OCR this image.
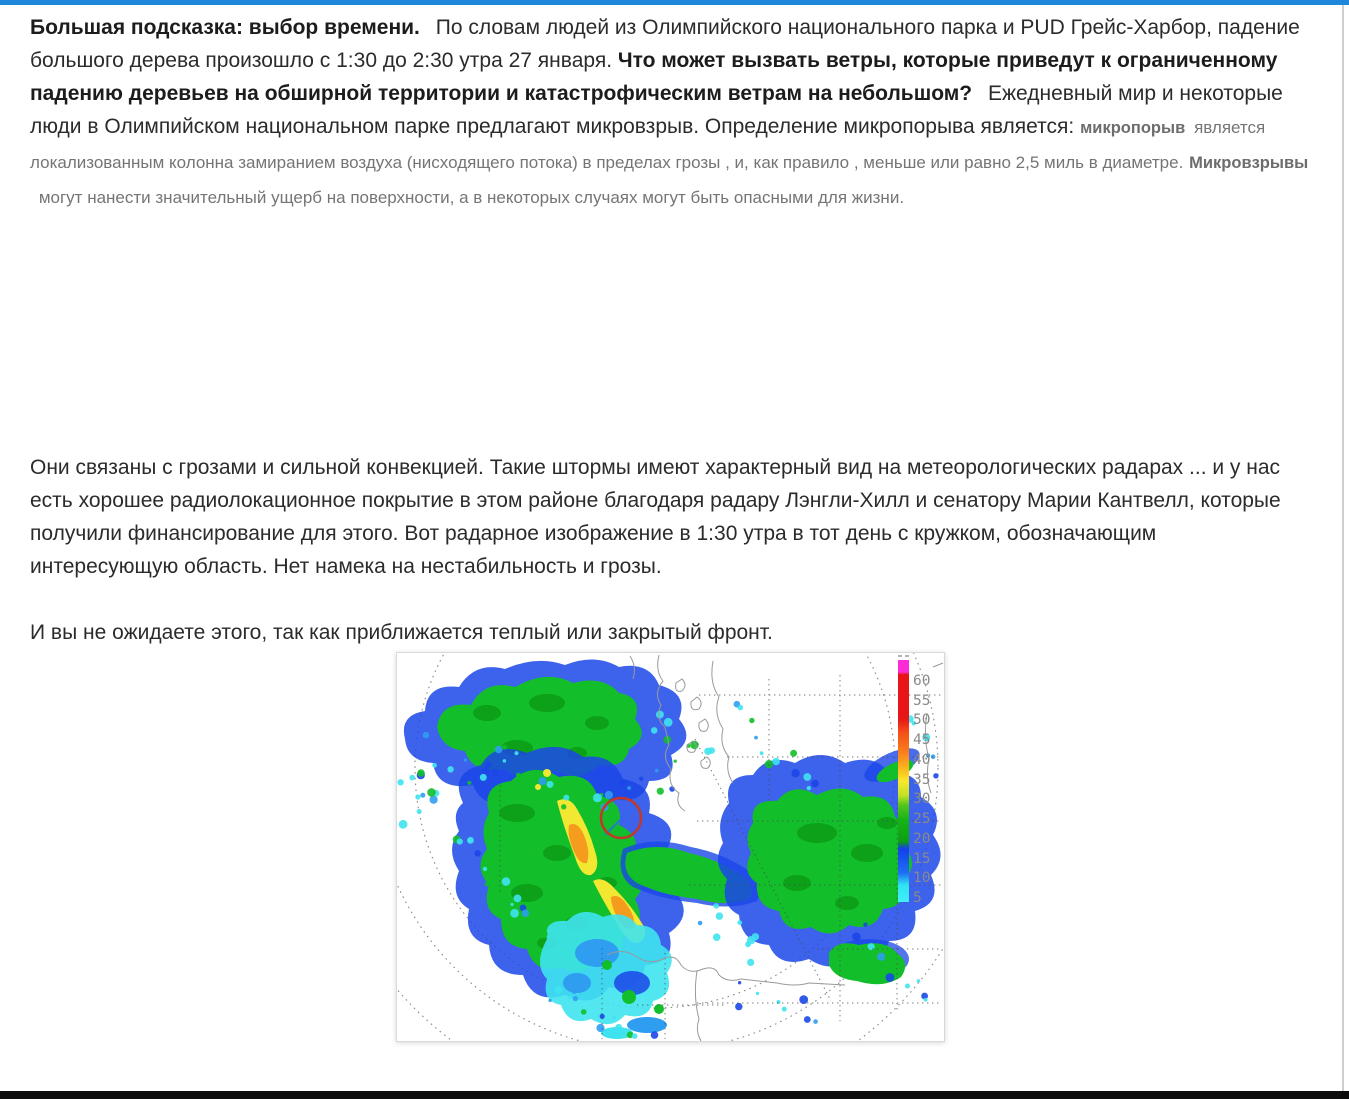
Большая подсказка: выбор времени. По словам людей из Олимпийского национального парка и PUD Грейс-Харбор, падение большого дерева произошло с 1:30 до 2:30 утра 27 января. Что может вызвать ветры, которые приведут к ограниченному падению деревьев на обширной территории и катастрофическим ветрам на небольшом? Ежедневный мир и некоторые люди в Олимпийском национальном парке предлагают микровзрыв. Определение микропорыва является: микропорыв является локализованным колонна замиранием воздуха (нисходящего потока) в пределах грозы , и, как правило , меньше или равно 2,5 миль в диаметре. Микровзрывы могут нанести значительный ущерб на поверхности, а в некоторых случаях могут быть опасными для жизни.

Они связаны с грозами и сильной конвекцией. Такие штормы имеют характерный вид на метеорологических радарах ... и у нас есть хорошее радиолокационное покрытие в этом районе благодаря радару Лэнгли-Хилл и сенатору Марии Кантвелл, которые получили финансирование для этого. Вот радарное изображение в 1:30 утра в тот день с кружком, обозначающим интересующую область. Нет намека на нестабильность и грозы.

И вы не ожидаете этого, так как приближается теплый или закрытый фронт.

60
55
50
45
40
35
30
25
20
15
10
5
